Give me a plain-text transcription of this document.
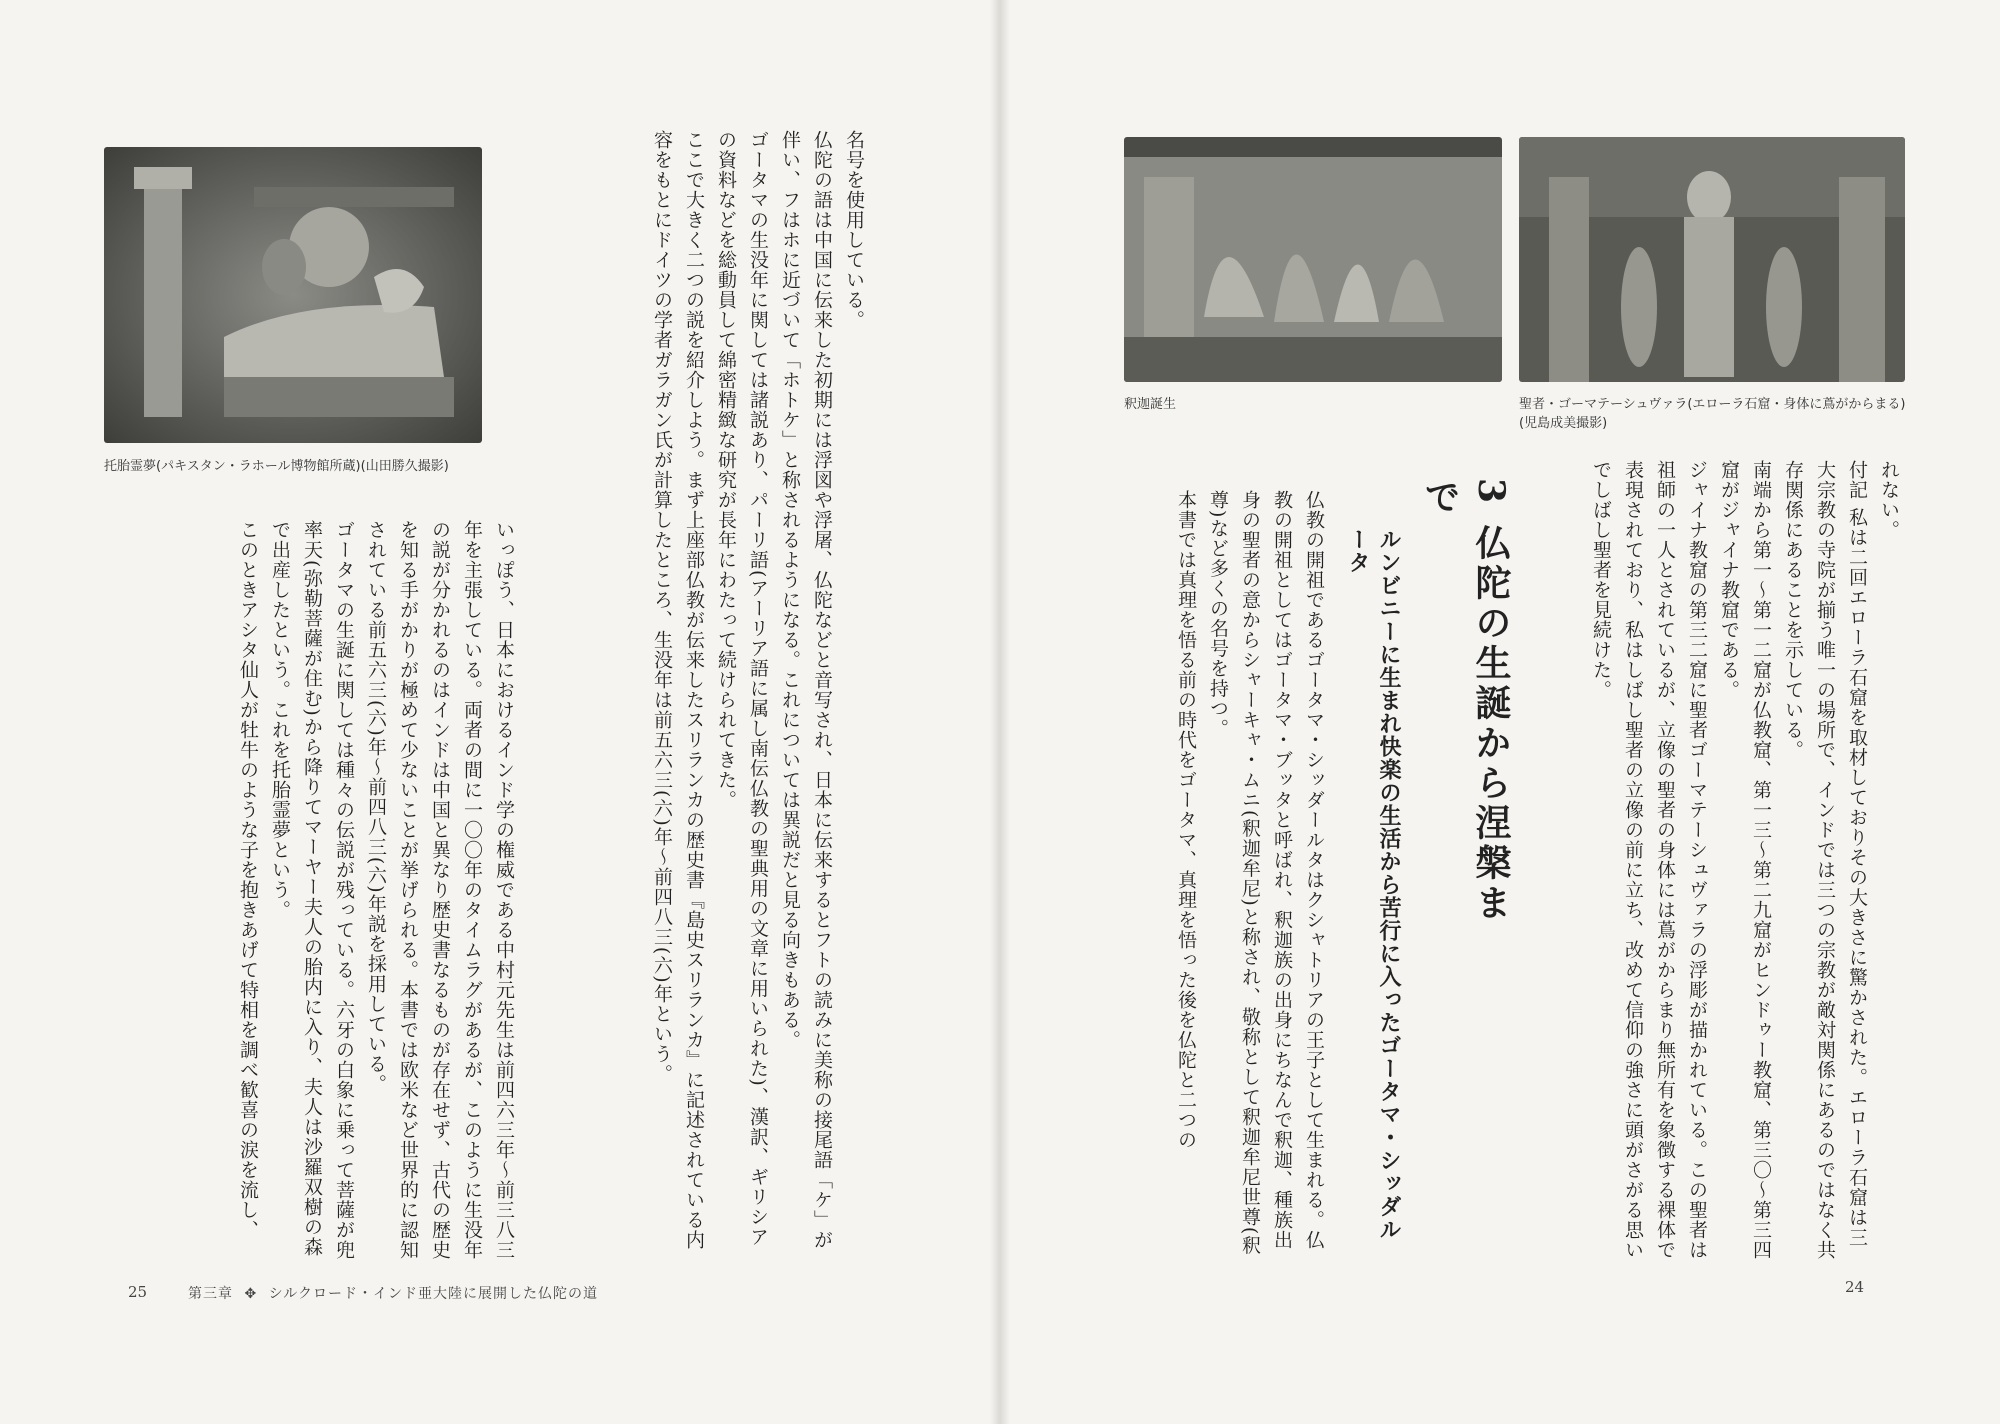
托胎霊夢(パキスタン・ラホール博物館所蔵)(山田勝久撮影)

名号を使用している。

仏陀の語は中国に伝来した初期には浮図や浮屠、仏陀などと音写され、日本に伝来するとフトの読みに美称の接尾語「ケ」が伴い、フはホに近づいて「ホトケ」と称されるようになる。これについては異説だと見る向きもある。

ゴータマの生没年に関しては諸説あり、パーリ語(アーリア語に属し南伝仏教の聖典用の文章に用いられた)、漢訳、ギリシアの資料などを総動員して綿密精緻な研究が長年にわたって続けられてきた。

ここで大きく二つの説を紹介しよう。まず上座部仏教が伝来したスリランカの歴史書『島史スリランカ』に記述されている内容をもとにドイツの学者ガラガン氏が計算したところ、生没年は前五六三(六)年〜前四八三(六)年という。

いっぽう、日本におけるインド学の権威である中村元先生は前四六三年〜前三八三年を主張している。両者の間に一〇〇年のタイムラグがあるが、このように生没年の説が分かれるのはインドは中国と異なり歴史書なるものが存在せず、古代の歴史を知る手がかりが極めて少ないことが挙げられる。本書では欧米など世界的に認知されている前五六三(六)年〜前四八三(六)年説を採用している。

ゴータマの生誕に関しては種々の伝説が残っている。六牙の白象に乗って菩薩が兜率天(弥勒菩薩が住む)から降りてマーヤー夫人の胎内に入り、夫人は沙羅双樹の森で出産したという。これを托胎霊夢という。

このときアシタ仙人が牡牛のような子を抱きあげて特相を調べ歓喜の涙を流し、

25	第三章 ✥ シルクロード・インド亜大陸に展開した仏陀の道
釈迦誕生	聖者・ゴーマテーシュヴァラ(エローラ石窟・身体に蔦がからまる)
(児島成美撮影)

れない。

付記 私は二回エローラ石窟を取材しておりその大きさに驚かされた。エローラ石窟は三大宗教の寺院が揃う唯一の場所で、インドでは三つの宗教が敵対関係にあるのではなく共存関係にあることを示している。

南端から第一〜第一二窟が仏教窟、第一三〜第二九窟がヒンドゥー教窟、第三〇〜第三四窟がジャイナ教窟である。

ジャイナ教窟の第三二窟に聖者ゴーマテーシュヴァラの浮彫が描かれている。この聖者は祖師の一人とされているが、立像の聖者の身体には蔦がからまり無所有を象徴する裸体で表現されており、私はしばし聖者の立像の前に立ち、改めて信仰の強さに頭がさがる思いでしばし聖者を見続けた。

3 仏陀の生誕から涅槃まで
ルンビニーに生まれ快楽の生活から苦行に入ったゴータマ・シッダルータ

仏教の開祖であるゴータマ・シッダールタはクシャトリアの王子として生まれる。仏教の開祖としてはゴータマ・ブッタと呼ばれ、釈迦族の出身にちなんで釈迦、種族出身の聖者の意からシャーキャ・ムニ(釈迦牟尼)と称され、敬称として釈迦牟尼世尊(釈尊)など多くの名号を持つ。

本書では真理を悟る前の時代をゴータマ、真理を悟った後を仏陀と二つの

24
